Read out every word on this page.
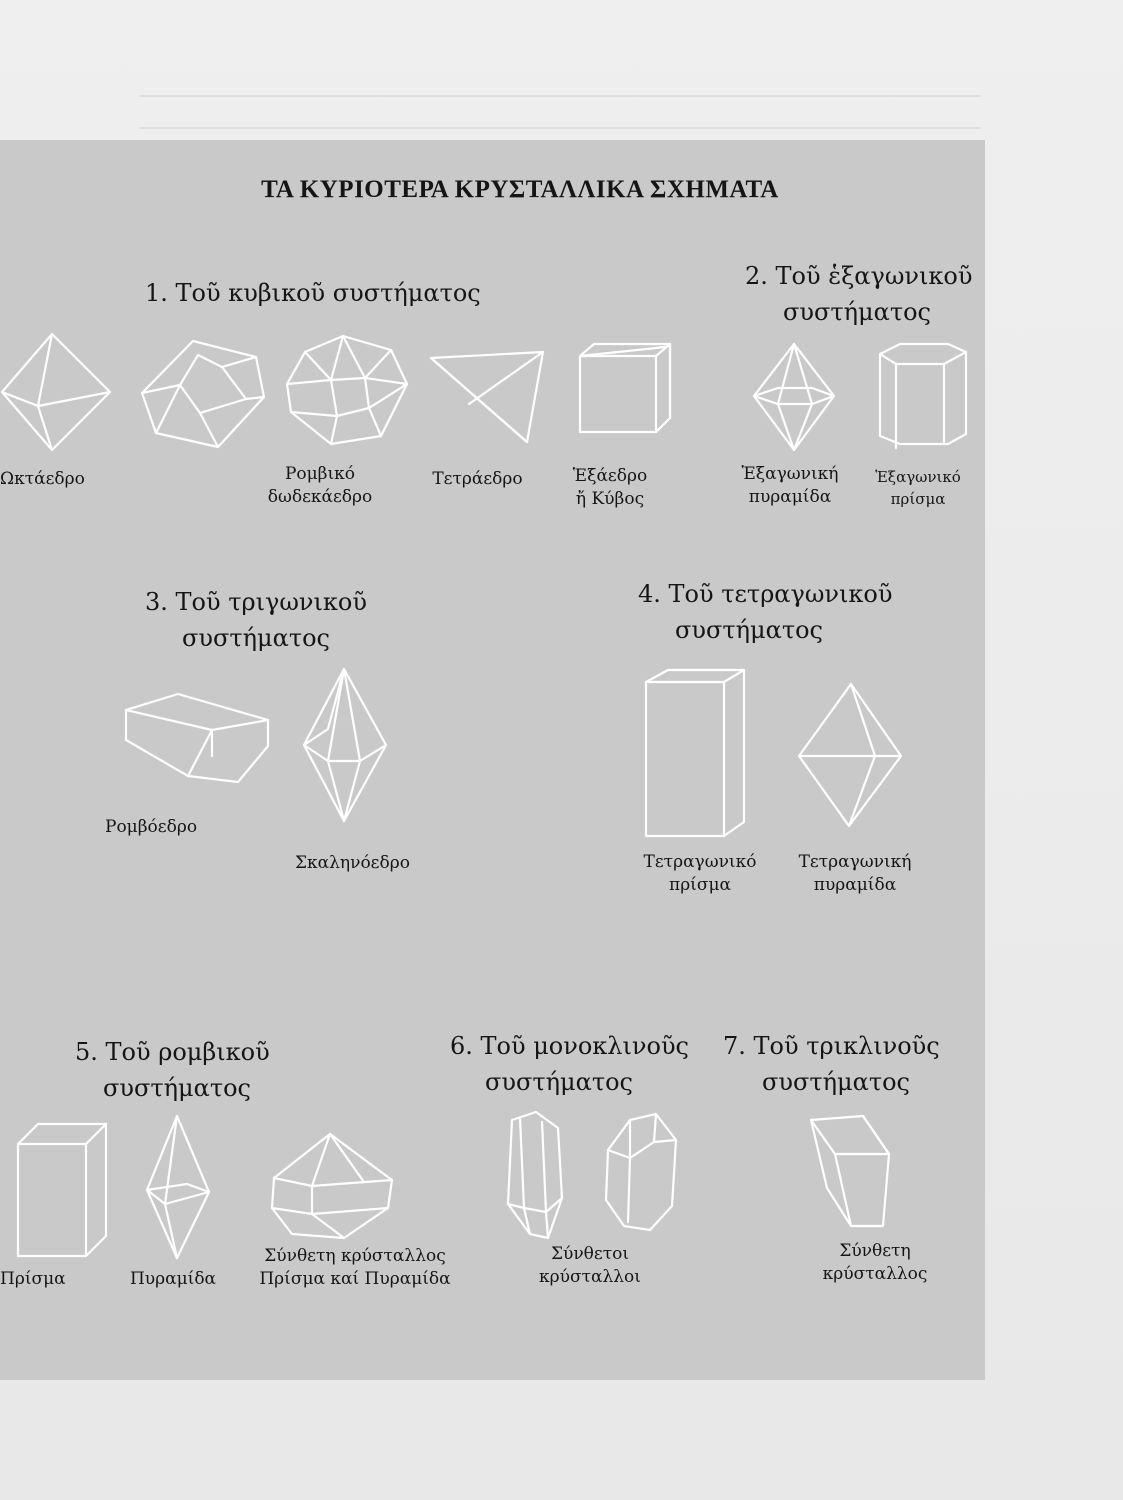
ΤΑ ΚΥΡΙΟΤΕΡΑ ΚΡΥΣΤΑΛΛΙΚΑ ΣΧΗΜΑΤΑ
1. Τοῦ κυβικοῦ συστήματος
2. Τοῦ ἑξαγωνικοῦ
συστήματος
3. Τοῦ τριγωνικοῦ
συστήματος
4. Τοῦ τετραγωνικοῦ
συστήματος
5. Τοῦ ρομβικοῦ
συστήματος
6. Τοῦ μονοκλινοῦς
συστήματος
7. Τοῦ τρικλινοῦς
συστήματος
Ωκτάεδρο	Ρομβικό
δωδεκάεδρο
Τετράεδρο	Ἑξάεδρο
ἤ Κύβος
Ἑξαγωνική
πυραμίδα
Ἑξαγωνικό
πρίσμα
Ρομβόεδρο
Σκαληνόεδρο	Τετραγωνικό
πρίσμα
Τετραγωνική
πυραμίδα
Πρίσμα	Πυραμίδα
Σύνθετη κρύσταλλος
Πρίσμα καί Πυραμίδα
Σύνθετοι
κρύσταλλοι
Σύνθετη
κρύσταλλος
